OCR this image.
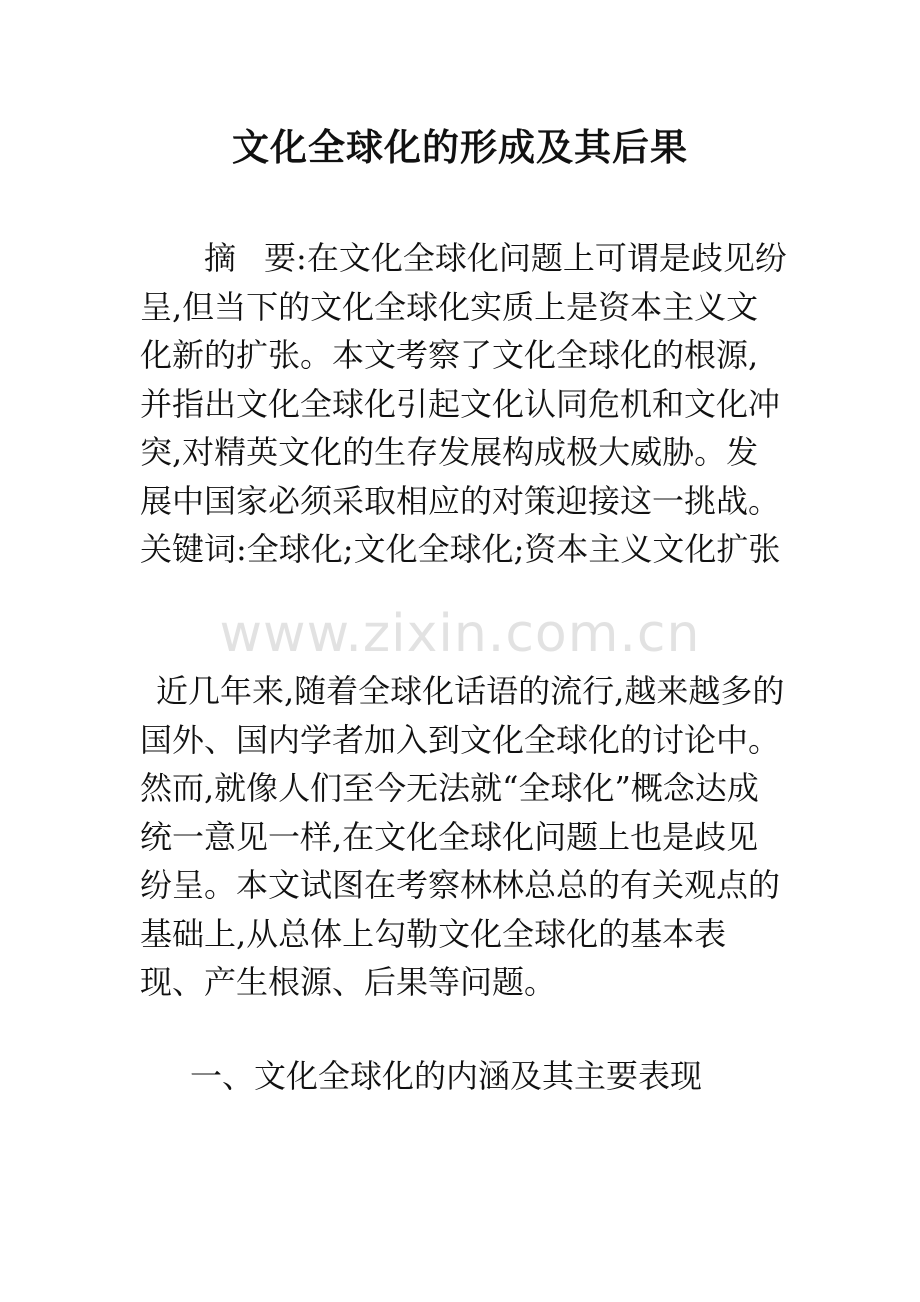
文化全球化的形成及其后果

摘 要:在文化全球化问题上可谓是歧见纷呈,但当下的文化全球化实质上是资本主义文化新的扩张。本文考察了文化全球化的根源,并指出文化全球化引起文化认同危机和文化冲突,对精英文化的生存发展构成极大威胁。发展中国家必须采取相应的对策迎接这一挑战。关键词:全球化;文化全球化;资本主义文化扩张

www.zixin.com.cn

近几年来,随着全球化话语的流行,越来越多的国外、国内学者加入到文化全球化的讨论中。然而,就像人们至今无法就“全球化”概念达成统一意见一样,在文化全球化问题上也是歧见纷呈。本文试图在考察林林总总的有关观点的基础上,从总体上勾勒文化全球化的基本表现、产生根源、后果等问题。

一、文化全球化的内涵及其主要表现
